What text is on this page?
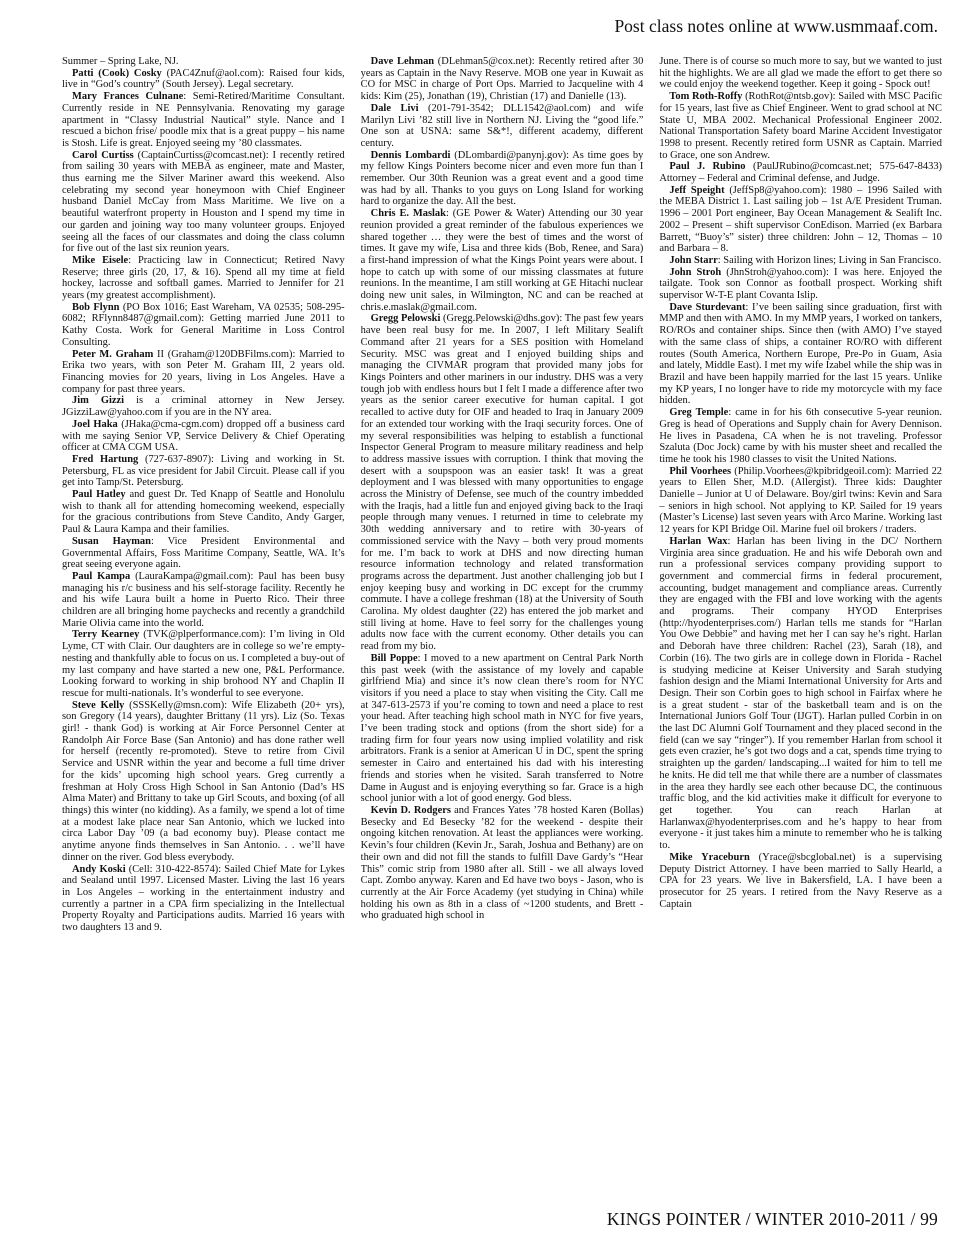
Post class notes online at www.usmmaaf.com.

Summer – Spring Lake, NJ.

Patti (Cook) Cosky (PAC4Znuf@aol.com): Raised four kids, live in “God’s country” (South Jersey). Legal secretary.

Mary Frances Culnane: Semi-Retired/Maritime Consultant. Currently reside in NE Pennsylvania. Renovating my garage apartment in “Classy Industrial Nautical” style. Nance and I rescued a bichon frise/ poodle mix that is a great puppy – his name is Stosh. Life is great. Enjoyed seeing my ’80 classmates.

Carol Curtiss (CaptainCurtiss@comcast.net): I recently retired from sailing 30 years with MEBA as engineer, mate and Master, thus earning me the Silver Mariner award this weekend. Also celebrating my second year honeymoon with Chief Engineer husband Daniel McCay from Mass Maritime. We live on a beautiful waterfront property in Houston and I spend my time in our garden and joining way too many volunteer groups. Enjoyed seeing all the faces of our classmates and doing the class column for five out of the last six reunion years.

Mike Eisele: Practicing law in Connecticut; Retired Navy Reserve; three girls (20, 17, & 16). Spend all my time at field hockey, lacrosse and softball games. Married to Jennifer for 21 years (my greatest accomplishment).

Bob Flynn (PO Box 1016; East Wareham, VA 02535; 508-295-6082; RFlynn8487@gmail.com): Getting married June 2011 to Kathy Costa. Work for General Maritime in Loss Control Consulting.

Peter M. Graham II (Graham@120DBFilms.com): Married to Erika two years, with son Peter M. Graham III, 2 years old. Financing movies for 20 years, living in Los Angeles. Have a company for past three years.

Jim Gizzi is a criminal attorney in New Jersey. JGizziLaw@yahoo.com if you are in the NY area.

Joel Haka (JHaka@cma-cgm.com) dropped off a business card with me saying Senior VP, Service Delivery & Chief Operating officer at CMA CGM USA.

Fred Hartung (727-637-8907): Living and working in St. Petersburg, FL as vice president for Jabil Circuit. Please call if you get into Tamp/St. Petersburg.

Paul Hatley and guest Dr. Ted Knapp of Seattle and Honolulu wish to thank all for attending homecoming weekend, especially for the gracious contributions from Steve Candito, Andy Garger, Paul & Laura Kampa and their families.

Susan Hayman: Vice President Environmental and Governmental Affairs, Foss Maritime Company, Seattle, WA. It’s great seeing everyone again.

Paul Kampa (LauraKampa@gmail.com): Paul has been busy managing his r/c business and his self-storage facility. Recently he and his wife Laura built a home in Puerto Rico. Their three children are all bringing home paychecks and recently a grandchild Marie Olivia came into the world.

Terry Kearney (TVK@plperformance.com): I’m living in Old Lyme, CT with Clair. Our daughters are in college so we’re empty-nesting and thankfully able to focus on us. I completed a buy-out of my last company and have started a new one, P&L Performance. Looking forward to working in ship brohood NY and Chaplin II rescue for multi-nationals. It’s wonderful to see everyone.

Steve Kelly (SSSKelly@msn.com): Wife Elizabeth (20+ yrs), son Gregory (14 years), daughter Brittany (11 yrs). Liz (So. Texas girl! - thank God) is working at Air Force Personnel Center at Randolph Air Force Base (San Antonio) and has done rather well for herself (recently re-promoted). Steve to retire from Civil Service and USNR within the year and become a full time driver for the kids’ upcoming high school years. Greg currently a freshman at Holy Cross High School in San Antonio (Dad’s HS Alma Mater) and Brittany to take up Girl Scouts, and boxing (of all things) this winter (no kidding). As a family, we spend a lot of time at a modest lake place near San Antonio, which we lucked into circa Labor Day ’09 (a bad economy buy). Please contact me anytime anyone finds themselves in San Antonio. . . we’ll have dinner on the river. God bless everybody.

Andy Koski (Cell: 310-422-8574): Sailed Chief Mate for Lykes and Sealand until 1997. Licensed Master. Living the last 16 years in Los Angeles – working in the entertainment industry and currently a partner in a CPA firm specializing in the Intellectual Property Royalty and Participations audits. Married 16 years with two daughters 13 and 9.

Dave Lehman (DLehman5@cox.net): Recently retired after 30 years as Captain in the Navy Reserve. MOB one year in Kuwait as CO for MSC in charge of Port Ops. Married to Jacqueline with 4 kids: Kim (25), Jonathan (19), Christian (17) and Danielle (13).

Dale Livi (201-791-3542; DLL1542@aol.com) and wife Marilyn Livi ’82 still live in Northern NJ. Living the “good life.” One son at USNA: same S&*!, different academy, different century.

Dennis Lombardi (DLombardi@panynj.gov): As time goes by my fellow Kings Pointers become nicer and even more fun than I remember. Our 30th Reunion was a great event and a good time was had by all. Thanks to you guys on Long Island for working hard to organize the day. All the best.

Chris E. Maslak: (GE Power & Water) Attending our 30 year reunion provided a great reminder of the fabulous experiences we shared together … they were the best of times and the worst of times. It gave my wife, Lisa and three kids (Bob, Renee, and Sara) a first-hand impression of what the Kings Point years were about. I hope to catch up with some of our missing classmates at future reunions. In the meantime, I am still working at GE Hitachi nuclear doing new unit sales, in Wilmington, NC and can be reached at chris.e.maslak@gmail.com.

Gregg Pelowski (Gregg.Pelowski@dhs.gov): The past few years have been real busy for me. In 2007, I left Military Sealift Command after 21 years for a SES position with Homeland Security. MSC was great and I enjoyed building ships and managing the CIVMAR program that provided many jobs for Kings Pointers and other mariners in our industry. DHS was a very tough job with endless hours but I felt I made a difference after two years as the senior career executive for human capital. I got recalled to active duty for OIF and headed to Iraq in January 2009 for an extended tour working with the Iraqi security forces. One of my several responsibilities was helping to establish a functional Inspector General Program to measure military readiness and help to address massive issues with corruption. I think that moving the desert with a soupspoon was an easier task! It was a great deployment and I was blessed with many opportunities to engage across the Ministry of Defense, see much of the country imbedded with the Iraqis, had a little fun and enjoyed giving back to the Iraqi people through many venues. I returned in time to celebrate my 30th wedding anniversary and to retire with 30-years of commissioned service with the Navy – both very proud moments for me. I’m back to work at DHS and now directing human resource information technology and related transformation programs across the department. Just another challenging job but I enjoy keeping busy and working in DC except for the crummy commute. I have a college freshman (18) at the University of South Carolina. My oldest daughter (22) has entered the job market and still living at home. Have to feel sorry for the challenges young adults now face with the current economy. Other details you can read from my bio.

Bill Poppe: I moved to a new apartment on Central Park North this past week (with the assistance of my lovely and capable girlfriend Mia) and since it’s now clean there’s room for NYC visitors if you need a place to stay when visiting the City. Call me at 347-613-2573 if you’re coming to town and need a place to rest your head. After teaching high school math in NYC for five years, I’ve been trading stock and options (from the short side) for a trading firm for four years now using implied volatility and risk arbitrators. Frank is a senior at American U in DC, spent the spring semester in Cairo and entertained his dad with his interesting friends and stories when he visited. Sarah transferred to Notre Dame in August and is enjoying everything so far. Grace is a high school junior with a lot of good energy. God bless.

Kevin D. Rodgers and Frances Yates ’78 hosted Karen (Bollas) Besecky and Ed Besecky ’82 for the weekend - despite their ongoing kitchen renovation. At least the appliances were working. Kevin’s four children (Kevin Jr., Sarah, Joshua and Bethany) are on their own and did not fill the stands to fulfill Dave Gardy’s “Hear This” comic strip from 1980 after all. Still - we all always loved Capt. Zombo anyway. Karen and Ed have two boys - Jason, who is currently at the Air Force Academy (yet studying in China) while holding his own as 8th in a class of ~1200 students, and Brett - who graduated high school in

June. There is of course so much more to say, but we wanted to just hit the highlights. We are all glad we made the effort to get there so we could enjoy the weekend together. Keep it going - Spock out!

Tom Roth-Roffy (RothRot@ntsb.gov): Sailed with MSC Pacific for 15 years, last five as Chief Engineer. Went to grad school at NC State U, MBA 2002. Mechanical Professional Engineer 2002. National Transportation Safety board Marine Accident Investigator 1998 to present. Recently retired form USNR as Captain. Married to Grace, one son Andrew.

Paul J. Rubino (PaulJRubino@comcast.net; 575-647-8433) Attorney – Federal and Criminal defense, and Judge.

Jeff Speight (JeffSp8@yahoo.com): 1980 – 1996 Sailed with the MEBA District 1. Last sailing job – 1st A/E President Truman. 1996 – 2001 Port engineer, Bay Ocean Management & Sealift Inc. 2002 – Present – shift supervisor ConEdison. Married (ex Barbara Barrett, “Buoy’s” sister) three children: John – 12, Thomas – 10 and Barbara – 8.

John Starr: Sailing with Horizon lines; Living in San Francisco.

John Stroh (JhnStroh@yahoo.com): I was here. Enjoyed the tailgate. Took son Connor as football prospect. Working shift supervisor W-T-E plant Covanta Islip.

Dave Sturdevant: I’ve been sailing since graduation, first with MMP and then with AMO. In my MMP years, I worked on tankers, RO/ROs and container ships. Since then (with AMO) I’ve stayed with the same class of ships, a container RO/RO with different routes (South America, Northern Europe, Pre-Po in Guam, Asia and lately, Middle East). I met my wife Izabel while the ship was in Brazil and have been happily married for the last 15 years. Unlike my KP years, I no longer have to ride my motorcycle with my face hidden.

Greg Temple: came in for his 6th consecutive 5-year reunion. Greg is head of Operations and Supply chain for Avery Dennison. He lives in Pasadena, CA when he is not traveling. Professor Szaluta (Doc Jock) came by with his muster sheet and recalled the time he took his 1980 classes to visit the United Nations.

Phil Voorhees (Philip.Voorhees@kpibridgeoil.com): Married 22 years to Ellen Sher, M.D. (Allergist). Three kids: Daughter Danielle – Junior at U of Delaware. Boy/girl twins: Kevin and Sara – seniors in high school. Not applying to KP. Sailed for 19 years (Master’s License) last seven years with Arco Marine. Working last 12 years for KPI Bridge Oil. Marine fuel oil brokers / traders.

Harlan Wax: Harlan has been living in the DC/ Northern Virginia area since graduation. He and his wife Deborah own and run a professional services company providing support to government and commercial firms in federal procurement, accounting, budget management and compliance areas. Currently they are engaged with the FBI and love working with the agents and programs. Their company HYOD Enterprises (http://hyodenterprises.com/) Harlan tells me stands for “Harlan You Owe Debbie” and having met her I can say he’s right. Harlan and Deborah have three children: Rachel (23), Sarah (18), and Corbin (16). The two girls are in college down in Florida - Rachel is studying medicine at Keiser University and Sarah studying fashion design and the Miami International University for Arts and Design. Their son Corbin goes to high school in Fairfax where he is a great student - star of the basketball team and is on the International Juniors Golf Tour (IJGT). Harlan pulled Corbin in on the last DC Alumni Golf Tournament and they placed second in the field (can we say “ringer”). If you remember Harlan from school it gets even crazier, he’s got two dogs and a cat, spends time trying to straighten up the garden/ landscaping...I waited for him to tell me he knits. He did tell me that while there are a number of classmates in the area they hardly see each other because DC, the continuous traffic blog, and the kid activities make it difficult for everyone to get together. You can reach Harlan at Harlanwax@hyodenterprises.com and he’s happy to hear from everyone - it just takes him a minute to remember who he is talking to.

Mike Yraceburn (Yrace@sbcglobal.net) is a supervising Deputy District Attorney. I have been married to Sally Hearld, a CPA for 23 years. We live in Bakersfield, LA. I have been a prosecutor for 25 years. I retired from the Navy Reserve as a Captain

KINGS POINTER / WINTER 2010-2011 / 99
